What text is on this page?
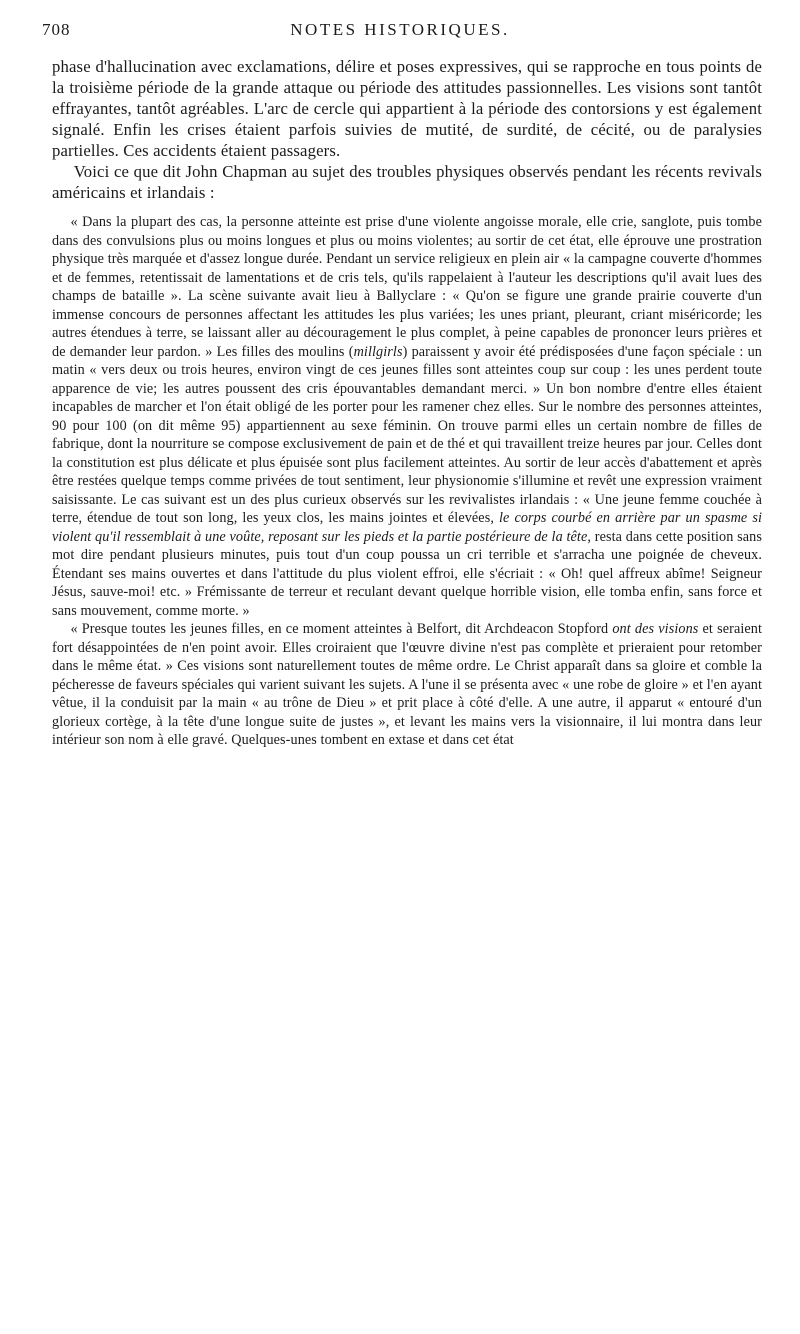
708	NOTES HISTORIQUES.

phase d'hallucination avec exclamations, délire et poses expressives, qui se rapproche en tous points de la troisième période de la grande attaque ou période des attitudes passionnelles. Les visions sont tantôt effrayantes, tantôt agréables. L'arc de cercle qui appartient à la période des contorsions y est également signalé. Enfin les crises étaient parfois suivies de mutité, de surdité, de cécité, ou de paralysies partielles. Ces accidents étaient passagers.

Voici ce que dit John Chapman au sujet des troubles physiques observés pendant les récents revivals américains et irlandais :

« Dans la plupart des cas, la personne atteinte est prise d'une violente angoisse morale, elle crie, sanglote, puis tombe dans des convulsions plus ou moins longues et plus ou moins violentes; au sortir de cet état, elle éprouve une prostration physique très marquée et d'assez longue durée. Pendant un service religieux en plein air « la campagne couverte d'hommes et de femmes, retentissait de lamentations et de cris tels, qu'ils rappelaient à l'auteur les descriptions qu'il avait lues des champs de bataille ». La scène suivante avait lieu à Ballyclare : « Qu'on se figure une grande prairie couverte d'un immense concours de personnes affectant les attitudes les plus variées; les unes priant, pleurant, criant miséricorde; les autres étendues à terre, se laissant aller au découragement le plus complet, à peine capables de prononcer leurs prières et de demander leur pardon. » Les filles des moulins (millgirls) paraissent y avoir été prédisposées d'une façon spéciale : un matin « vers deux ou trois heures, environ vingt de ces jeunes filles sont atteintes coup sur coup : les unes perdent toute apparence de vie; les autres poussent des cris épouvantables demandant merci. » Un bon nombre d'entre elles étaient incapables de marcher et l'on était obligé de les porter pour les ramener chez elles. Sur le nombre des personnes atteintes, 90 pour 100 (on dit même 95) appartiennent au sexe féminin. On trouve parmi elles un certain nombre de filles de fabrique, dont la nourriture se compose exclusivement de pain et de thé et qui travaillent treize heures par jour. Celles dont la constitution est plus délicate et plus épuisée sont plus facilement atteintes. Au sortir de leur accès d'abattement et après être restées quelque temps comme privées de tout sentiment, leur physionomie s'illumine et revêt une expression vraiment saisissante. Le cas suivant est un des plus curieux observés sur les revivalistes irlandais : « Une jeune femme couchée à terre, étendue de tout son long, les yeux clos, les mains jointes et élevées, le corps courbé en arrière par un spasme si violent qu'il ressemblait à une voûte, reposant sur les pieds et la partie postérieure de la tête, resta dans cette position sans mot dire pendant plusieurs minutes, puis tout d'un coup poussa un cri terrible et s'arracha une poignée de cheveux. Étendant ses mains ouvertes et dans l'attitude du plus violent effroi, elle s'écriait : « Oh! quel affreux abîme! Seigneur Jésus, sauve-moi! etc. » Frémissante de terreur et reculant devant quelque horrible vision, elle tomba enfin, sans force et sans mouvement, comme morte. »

« Presque toutes les jeunes filles, en ce moment atteintes à Belfort, dit Archdeacon Stopford ont des visions et seraient fort désappointées de n'en point avoir. Elles croiraient que l'œuvre divine n'est pas complète et prieraient pour retomber dans le même état. » Ces visions sont naturellement toutes de même ordre. Le Christ apparaît dans sa gloire et comble la pécheresse de faveurs spéciales qui varient suivant les sujets. A l'une il se présenta avec « une robe de gloire » et l'en ayant vêtue, il la conduisit par la main « au trône de Dieu » et prit place à côté d'elle. A une autre, il apparut « entouré d'un glorieux cortège, à la tête d'une longue suite de justes », et levant les mains vers la visionnaire, il lui montra dans leur intérieur son nom à elle gravé. Quelques-unes tombent en extase et dans cet état
